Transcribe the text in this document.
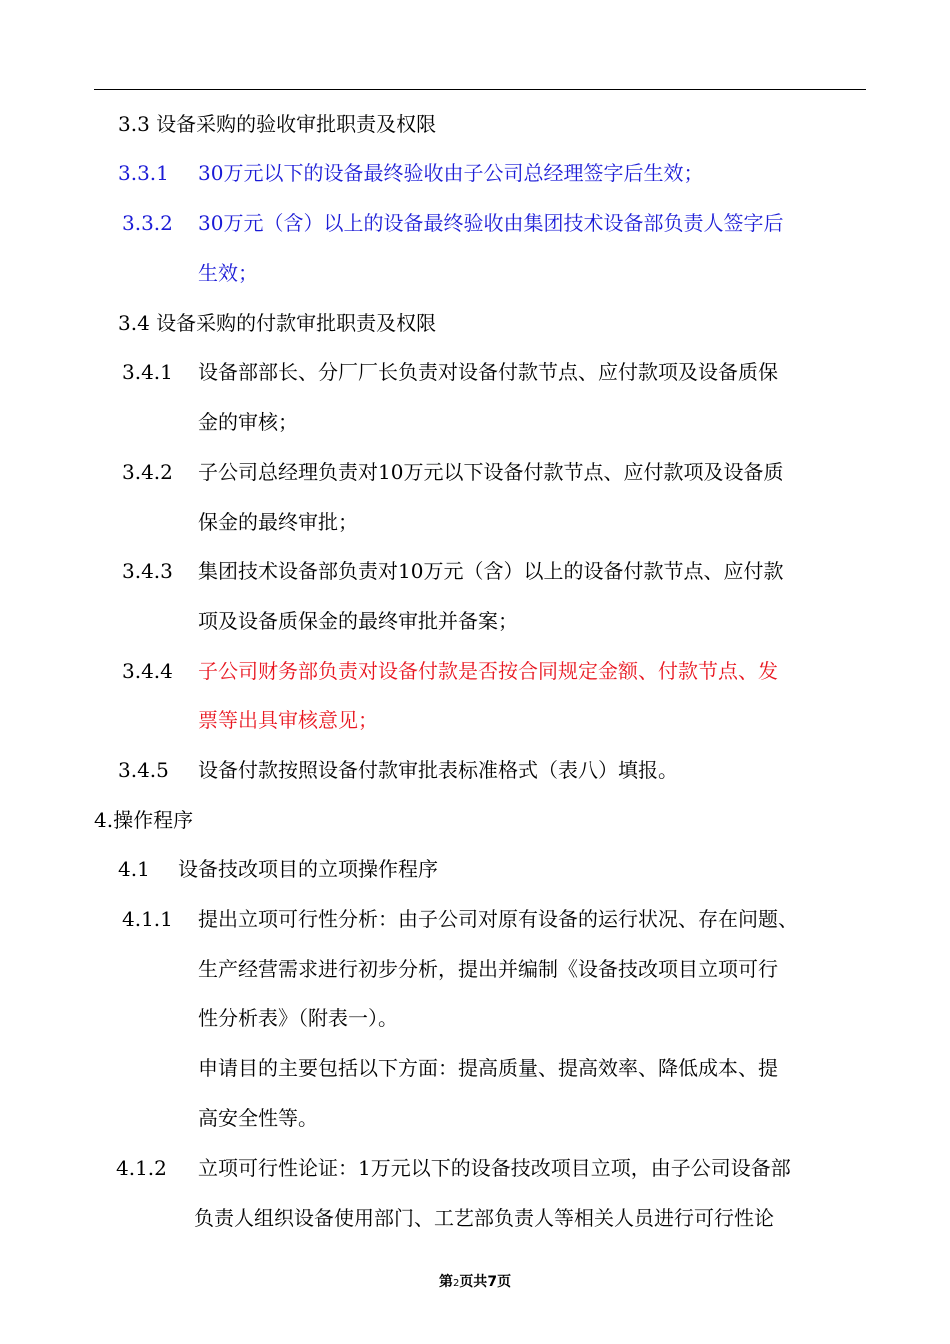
3.3 设备采购的验收审批职责及权限
3.3.1 30万元以下的设备最终验收由子公司总经理签字后生效；
3.3.2 30万元（含）以上的设备最终验收由集团技术设备部负责人签字后
生效；
3.4 设备采购的付款审批职责及权限
3.4.1 设备部部长、分厂厂长负责对设备付款节点、应付款项及设备质保
金的审核；
3.4.2 子公司总经理负责对10万元以下设备付款节点、应付款项及设备质
保金的最终审批；
3.4.3 集团技术设备部负责对10万元（含）以上的设备付款节点、应付款
项及设备质保金的最终审批并备案；
3.4.4 子公司财务部负责对设备付款是否按合同规定金额、付款节点、发
票等出具审核意见；
3.4.5 设备付款按照设备付款审批表标准格式（表八）填报。
4.操作程序
4.1 设备技改项目的立项操作程序
4.1.1 提出立项可行性分析：由子公司对原有设备的运行状况、存在问题、
生产经营需求进行初步分析，提出并编制《设备技改项目立项可行
性分析表》（附表一）。
申请目的主要包括以下方面：提高质量、提高效率、降低成本、提
高安全性等。
4.1.2 立项可行性论证：1万元以下的设备技改项目立项，由子公司设备部
负责人组织设备使用部门、工艺部负责人等相关人员进行可行性论
第2页共7页
